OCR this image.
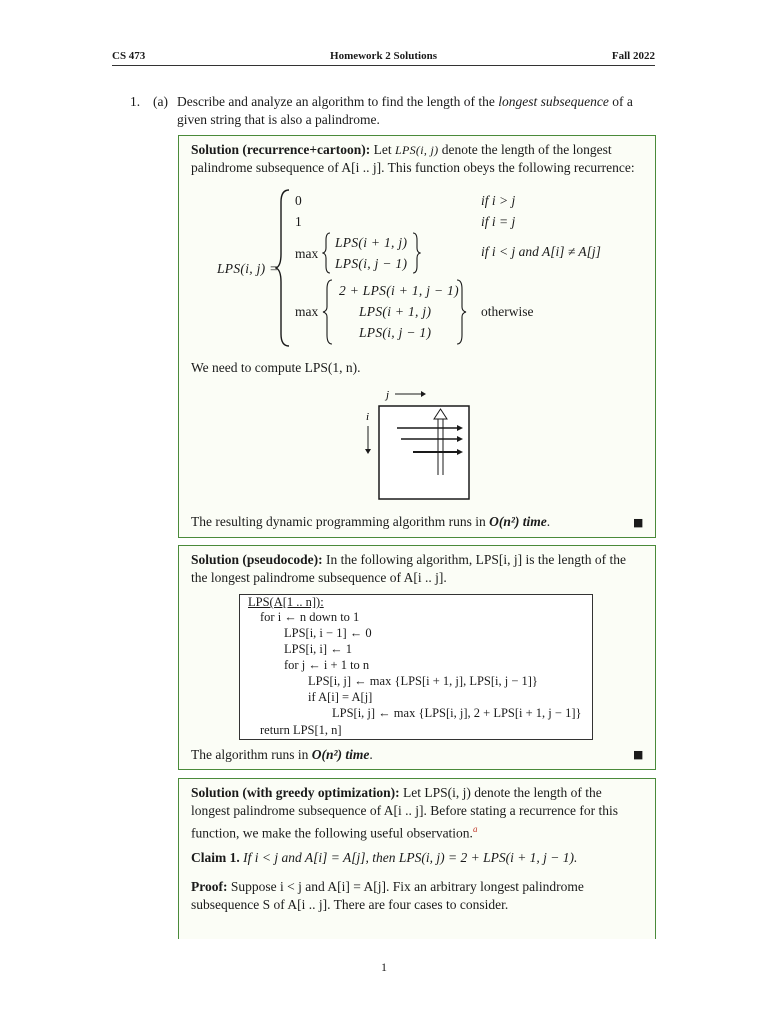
CS 473	Homework 2 Solutions	Fall 2022
1. (a) Describe and analyze an algorithm to find the length of the longest subsequence of a
given string that is also a palindrome.
Solution (recurrence+cartoon): Let LPS(i, j) denote the length of the longest
palindrome subsequence of A[i .. j]. This function obeys the following recurrence:
LPS(i, j) =
0	if i > j
1	if i = j
max
LPS(i + 1, j)
LPS(i, j − 1)
if i < j and A[i] ≠ A[j]
max
2 + LPS(i + 1, j − 1)
LPS(i + 1, j)
LPS(i, j − 1)
otherwise
We need to compute LPS(1, n).
j
i
The resulting dynamic programming algorithm runs in O(n²) time.	■
Solution (pseudocode): In the following algorithm, LPS[i, j] is the length of the
the longest palindrome subsequence of A[i .. j].
LPS(A[1 .. n]):
for i ← n down to 1
LPS[i, i − 1] ← 0
LPS[i, i] ← 1
for j ← i + 1 to n
LPS[i, j] ← max {LPS[i + 1, j], LPS[i, j − 1]}
if A[i] = A[j]
LPS[i, j] ← max {LPS[i, j], 2 + LPS[i + 1, j − 1]}
return LPS[1, n]
The algorithm runs in O(n²) time.	■
Solution (with greedy optimization): Let LPS(i, j) denote the length of the
longest palindrome subsequence of A[i .. j]. Before stating a recurrence for this
function, we make the following useful observation.$^a$
Claim 1. If i < j and A[i] = A[j], then LPS(i, j) = 2 + LPS(i + 1, j − 1).
Proof: Suppose i < j and A[i] = A[j]. Fix an arbitrary longest palindrome
subsequence S of A[i .. j]. There are four cases to consider.
1
